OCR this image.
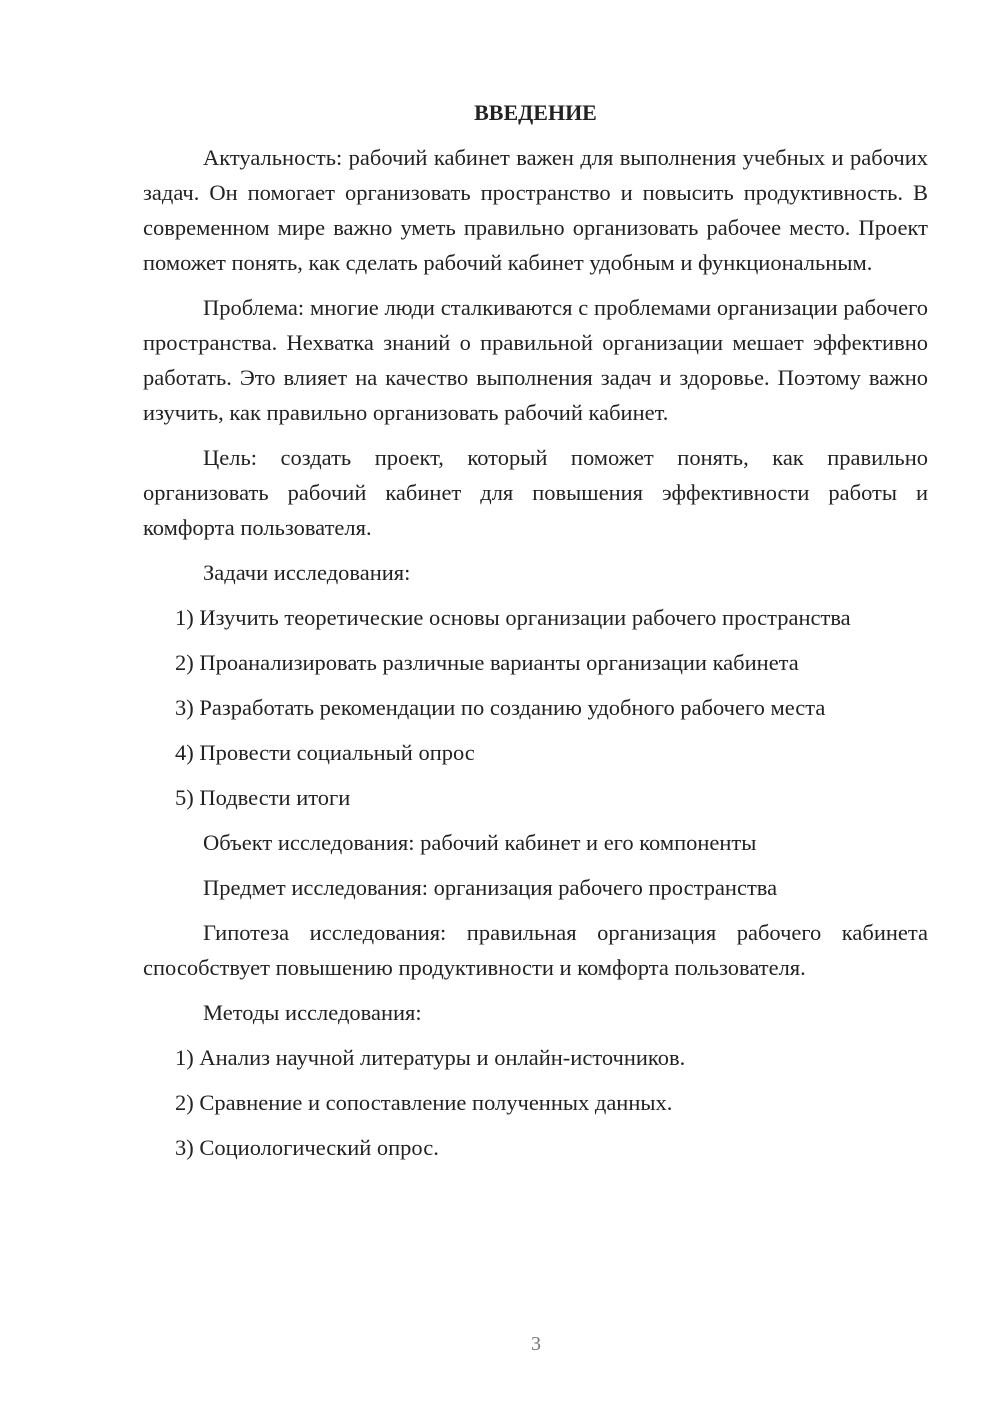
ВВЕДЕНИЕ
Актуальность: рабочий кабинет важен для выполнения учебных и рабочих задач. Он помогает организовать пространство и повысить продуктивность. В современном мире важно уметь правильно организовать рабочее место. Проект поможет понять, как сделать рабочий кабинет удобным и функциональным.
Проблема: многие люди сталкиваются с проблемами организации рабочего пространства. Нехватка знаний о правильной организации мешает эффективно работать. Это влияет на качество выполнения задач и здоровье. Поэтому важно изучить, как правильно организовать рабочий кабинет.
Цель: создать проект, который поможет понять, как правильно организовать рабочий кабинет для повышения эффективности работы и комфорта пользователя.
Задачи исследования:
1) Изучить теоретические основы организации рабочего пространства
2) Проанализировать различные варианты организации кабинета
3) Разработать рекомендации по созданию удобного рабочего места
4) Провести социальный опрос
5) Подвести итоги
Объект исследования: рабочий кабинет и его компоненты
Предмет исследования: организация рабочего пространства
Гипотеза исследования: правильная организация рабочего кабинета способствует повышению продуктивности и комфорта пользователя.
Методы исследования:
1) Анализ научной литературы и онлайн-источников.
2) Сравнение и сопоставление полученных данных.
3) Социологический опрос.
3
